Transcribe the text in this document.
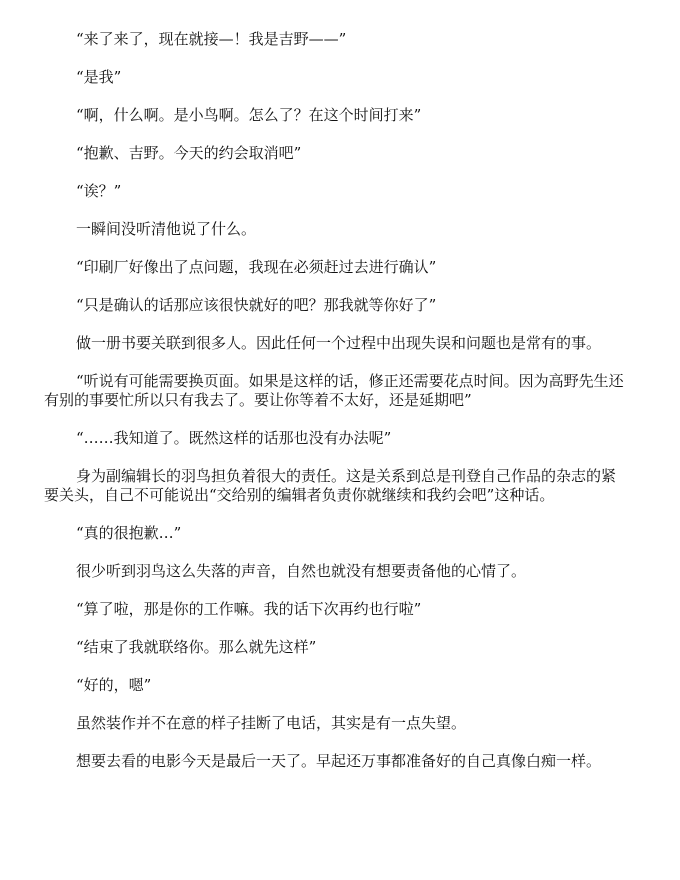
“来了来了，现在就接—！我是吉野——”

“是我”

“啊，什么啊。是小鸟啊。怎么了？在这个时间打来”

“抱歉、吉野。今天的约会取消吧”

“诶？”

一瞬间没听清他说了什么。

“印刷厂好像出了点问题，我现在必须赶过去进行确认”

“只是确认的话那应该很快就好的吧？那我就等你好了”

做一册书要关联到很多人。因此任何一个过程中出现失误和问题也是常有的事。

“听说有可能需要换页面。如果是这样的话，修正还需要花点时间。因为高野先生还有别的事要忙所以只有我去了。要让你等着不太好，还是延期吧”

“……我知道了。既然这样的话那也没有办法呢”

身为副编辑长的羽鸟担负着很大的责任。这是关系到总是刊登自己作品的杂志的紧要关头，自己不可能说出“交给别的编辑者负责你就继续和我约会吧”这种话。

“真的很抱歉…”

很少听到羽鸟这么失落的声音，自然也就没有想要责备他的心情了。

“算了啦，那是你的工作嘛。我的话下次再约也行啦”

“结束了我就联络你。那么就先这样”

“好的，嗯”

虽然装作并不在意的样子挂断了电话，其实是有一点失望。

想要去看的电影今天是最后一天了。早起还万事都准备好的自己真像白痴一样。
